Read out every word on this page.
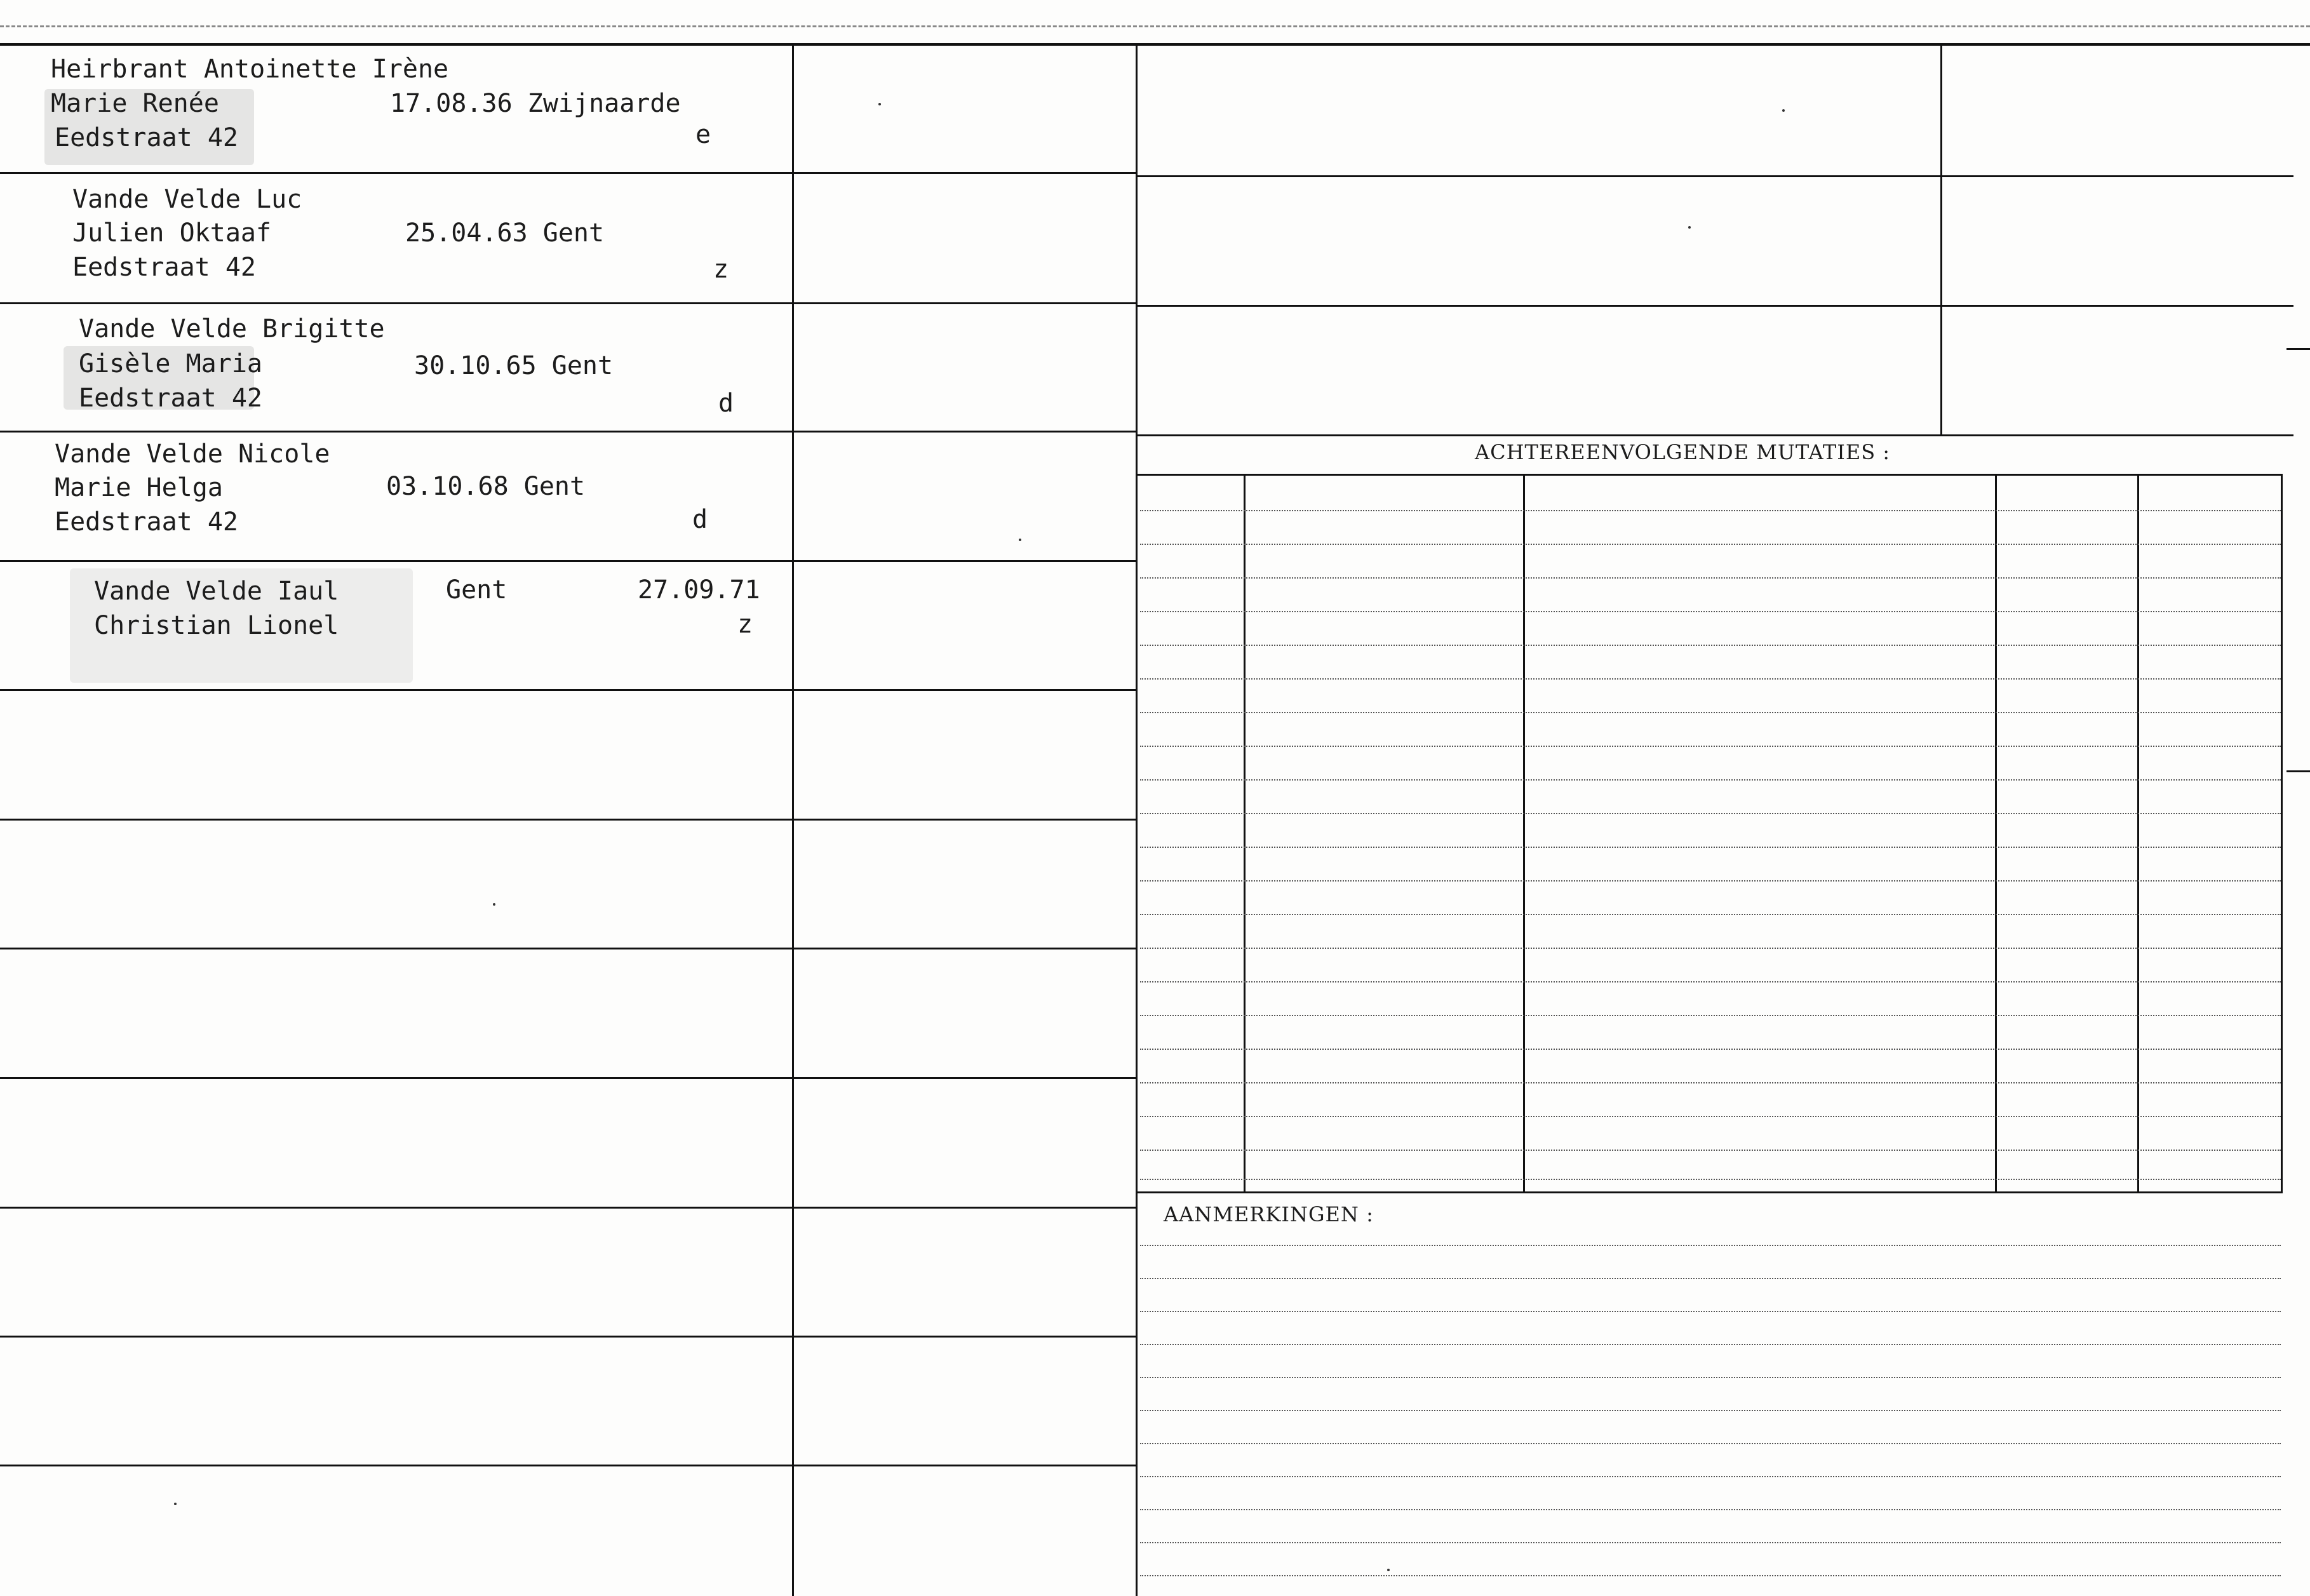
ACHTEREENVOLGENDE MUTATIES :
AANMERKINGEN :
Heirbrant Antoinette Irène
Marie Renée	17.08.36 Zwijnaarde
Eedstraat 42	e
Vande Velde Luc
Julien Oktaaf	25.04.63 Gent
Eedstraat 42	z
Vande Velde Brigitte
Gisèle Maria	30.10.65 Gent
Eedstraat 42	d
Vande Velde Nicole
Marie Helga	03.10.68 Gent
Eedstraat 42	d
Vande Velde Iaul	Gent	27.09.71
Christian Lionel	z
